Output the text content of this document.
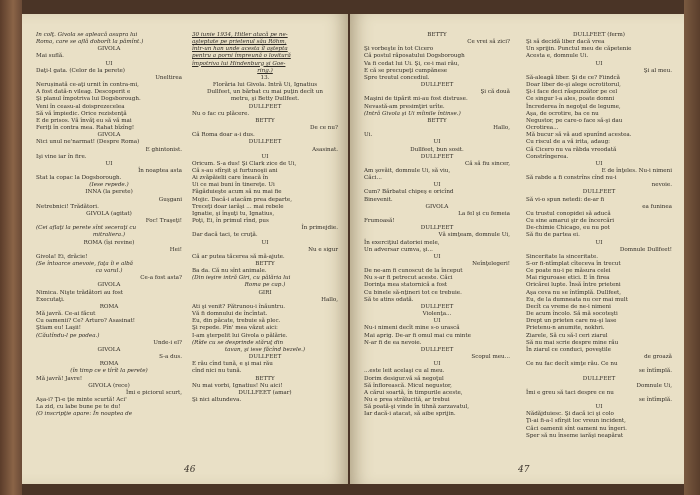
In colţ. Givola se apleacă asupra lui

Roma, care se află doborît la pămînt.)

GIVOLA

Mai suflă.

UI

Daţi-l gata. (Celor de la perete)

Uneltirea

Nerușinată ce-aţi urnit în contra-mi,

A fost dată-n vileag. Descoperit e

Şi planul împotriva lui Dogsborough.

Veni în ceasu-al doisprezecelea

Să vă împiedic. Orice rezistenţă

E de prisos. Vă învăţ eu să vă mai

Feriţi în contra mea. Rahat bîzîng!

GIVOLA

Nici unul ne'narmat! (Despre Roma)

E ghintonist.

Işi vine iar în fire.

UI

În noaptea asta

Stat la copac la Dogsborough.

(Iese repede.)

INNA (la perete)

Guşgani

Netrebnici! Trădători.

GIVOLA (agitat)

Foc! Traşeţi!

(Cei aflaţi la perete sînt seceraţi cu

mitraliera.)

ROMA (își revine)

Hei!

Givola! Ei, drăcie!

(Se întoarce anevoie, faţa îi e albă

ca varul.)

Ce-a fost asta?

GIVOLA

Nimica. Nişte trădători au fost

Executaţi.

ROMA

Mă javră. Ce-ai făcut

Cu oamenii? Ce? Arturo? Asasinat!

Ştiam eu! Laşii!

(Căutîndu-l pe podea.)

Unde-i el?

GIVOLA

S-a dus.

ROMA

(în timp ce e tîrît la perete)

Mă javră! Javre!

GIVOLA (rece)

Îmi e piciorul scurt,

Aşa-i? Ţi-e ţie minte scurtă! Aci'

La zid, cu labe bune pe te du!

(O inscripţie apare: În noaptea de

30 iunie 1934, Hitler atacă pe ne-

aşteptate pe prietenul său Röhm,

într-un han unde acesta îl aştepta

pentru a porni împreună o lovitură

împotriva lui Hindenburg şi Goe-

ring.)

13.

Florăria lui Givola. Intră Ui, Ignatius

Dullfeet, un bărbat cu mai puţin decît un

metru, şi Betty Dullfeet.

DULLFEET

Nu o fac cu plăcere.

BETTY

De ce nu?

Că Roma doar a-i dus.

DULLFEET

Asasinat.

UI

Oricum. S-a dus! Şi Clark zice de Ui,

Că s-au sfîrşit şi furtunoşii ani

Ai zvăpăielii care îneacă în

Ui ce mai buni în tinereţe. Ui

Făgăduieşte acum să nu mai fie

Mojic. Dacă-i atacăm prea departe,

Treceţi doar iarăşi ... mai rebele

Ignatie, şi înşuţi tu, Ignatius,

Poţi, Ei, în primul rînd, pus

În primejdie.

Dar dacă taci, te cruţă.

UI

Nu e sigur

Că ar putea tăcerea să mă-ajute.

BETTY

Ba da. Că nu sînt animale.

(Din ieşire intră Giri, cu pălăria lui

Roma pe cap.)

GIRI

Hallo,

Ati şi venit? Pătrunou-i înăuntru.

Vă fi domnului de încîntat.

Eu, din păcate, trebuie să plec.

Şi repede. Pîn' mea văzut aici:

I-am şterpelit lui Givola o pălărie.

(Rîde cu se desprinde stăruţ din

tavan, şi iese făcînd bezele.)

DULLFEET

E rău cînd tună, e şi mai rău

cînd nici nu tună.

BETTY

Nu mai vorbi, Ignatius! Nu aici!

DULLFEET (amar)

Şi nici altundeva.

46

BETTY

Ce vrei să zici?

Şi vorbeşte în tot Cicero

Că postul răposatului Dogsborough

Va fi cedat lui Ui. Şi, ce-i mai rău,

E că se precupeţi cumpănese

Spre treutul concediul.

DULLFEET

Şi că două

Maşini de tipărit mi-au fost distruse.

Nevastă-am presimţiri urîte.

(Intră Givola şi Ui mîinile întinse.)

BETTY

Hallo,

Ui.

UI

Dullfeet, bun sosit.

DULLFEET

Că să fiu sincer,

Am şovăit, domnule Ui, să viu,

Căci...

UI

Cum? Bărbatul chipeş e oricînd

Binevenit.

GIVOLA

La fel şi cu femeia

Frumoasă!

DULLFEET

Vă simţeam, domnule Ui,

În exerciţiul datoriei mele,

Un adversar cumva, şi...

UI

Neînţelegeri!

De ne-am fi cunoscut de la început

Nu s-ar fi petrecut aceste. Căci

Dorinţa mea statornică a fost

Cu binele să-nţineri tot ce trebuie.

Să te atins odată.

DULLFEET

Violenţa...

UI

Nu-i nimeni decît mine s-o urască

Mai aprig. De-ar fi omul mai cu minte

N-ar fi de ea nevoie.

DULLFEET

Scopul meu...

UI

...este leit acelaşi cu al meu.

Dorim desigur.vă să negoţul

Să înflorească. Micul negustor,

A cărui soartă, în timpurile aceste,

Nu e prea strălucită, ar trebui

Să poată-şi vinde în tihnă zarzavatul,

Iar dacă-i atacat, să aibe sprijin.

DULLFEET (ferm)

Şi să decidă liber dacă vrea

Un sprijin. Punctul meu de căpetenie

Acesta e, domnule Ui.

UI

Şi al meu.

Să-aleagă liber. Şi de ce? Fiindcă

Doar liber de-şi alege ocrotitorul,

Şi-i face deci răspunzător pe cel

Ce singur l-a ales, poate domni

Încrederea în negoţul de legume,

Aşa, de ocrotire, ba ce nu

Negustor, pe care-o face să-şi dau

Ocrotirea...

Mă bucur să vă aud spunînd acestea.

Cu riscul de a vă irita, adaug:

Că Cicero nu va răbda vreodată

Constrîngerea.

UI

E de înţeles. Nu-i nimeni

Să rabde a fi constrîns cînd nu-i

nevoie.

DULLFEET

Să vi-o spun netedi: de-ar fi

ea funinea

Cu trustul conopidei să aducă

Cu sine amarui şir de încercări

De-chimie Chicago, eu nu pot

Să fiu de partea ei.

UI

Domnule Dullfeet!

Sinceritate la sinceritate.

S-or fi-ntîmplat cîteceva în trecut

Ce poate nu-i pe măsura celei

Mai riguroase etici. E în firea

Oricărei lupte. Însă între prieteni

Aşa ceva nu se întîmplă. Dullfeet,

Eu, de la dumneata nu cer mai mult

Decît ca vreme de ne-i nimeni

De acum încolo. Să mă socoteşti

Drept un prieten care nu-şi lase

Prietenu-n anumite, nokhri.

Ziarele, Să cu să-l ceri ziarul

Să nu mai scrie despre mine rău

În ziarul ce conduci, poveştile

de groază

Ce nu fac decît simţe rău. Ce nu

se întîmplă.

DULLFEET

Domnule Ui,

Îmi e greu să taci despre ce nu

se întîmplă.

UI

Nădăjduiesc. Şi dacă ici şi colo

Ţi-ai fi-a-l sfîrşit loc vreun incident,

Căci oamenii sînt oameni nu îngeri.

Sper să nu înseme iarăşi neapărat

47
